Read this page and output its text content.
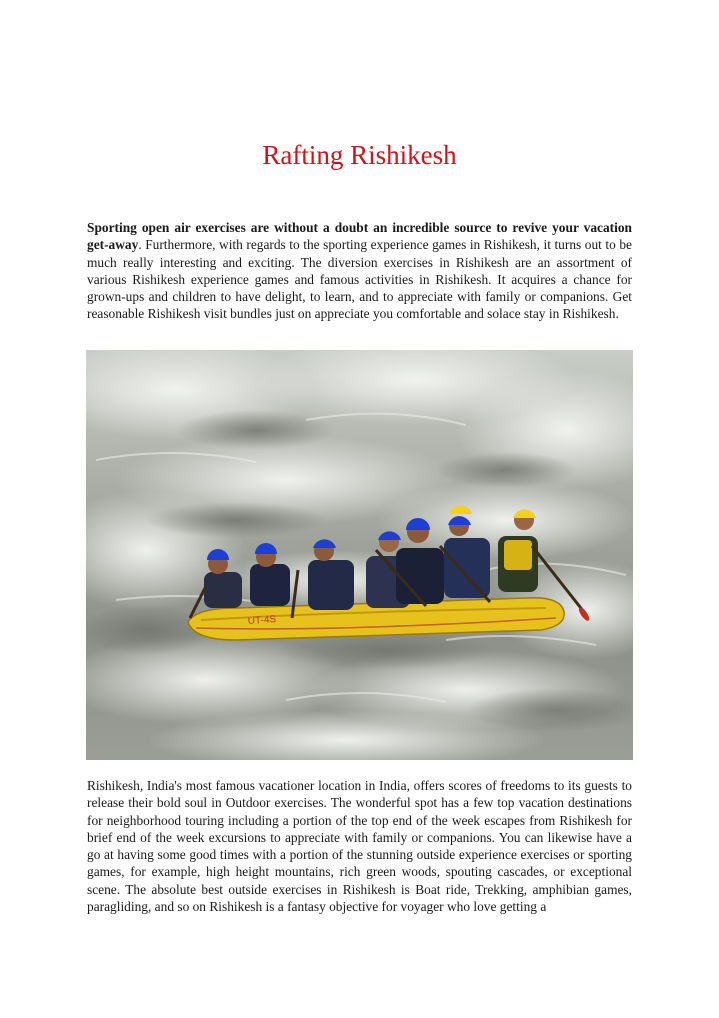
Rafting Rishikesh

Sporting open air exercises are without a doubt an incredible source to revive your vacation get-away. Furthermore, with regards to the sporting experience games in Rishikesh, it turns out to be much really interesting and exciting. The diversion exercises in Rishikesh are an assortment of various Rishikesh experience games and famous activities in Rishikesh. It acquires a chance for grown-ups and children to have delight, to learn, and to appreciate with family or companions. Get reasonable Rishikesh visit bundles just on appreciate you comfortable and solace stay in Rishikesh.

UT-4S

Rishikesh, India's most famous vacationer location in India, offers scores of freedoms to its guests to release their bold soul in Outdoor exercises. The wonderful spot has a few top vacation destinations for neighborhood touring including a portion of the top end of the week escapes from Rishikesh for brief end of the week excursions to appreciate with family or companions. You can likewise have a go at having some good times with a portion of the stunning outside experience exercises or sporting games, for example, high height mountains, rich green woods, spouting cascades, or exceptional scene. The absolute best outside exercises in Rishikesh is Boat ride, Trekking, amphibian games, paragliding, and so on Rishikesh is a fantasy objective for voyager who love getting a
